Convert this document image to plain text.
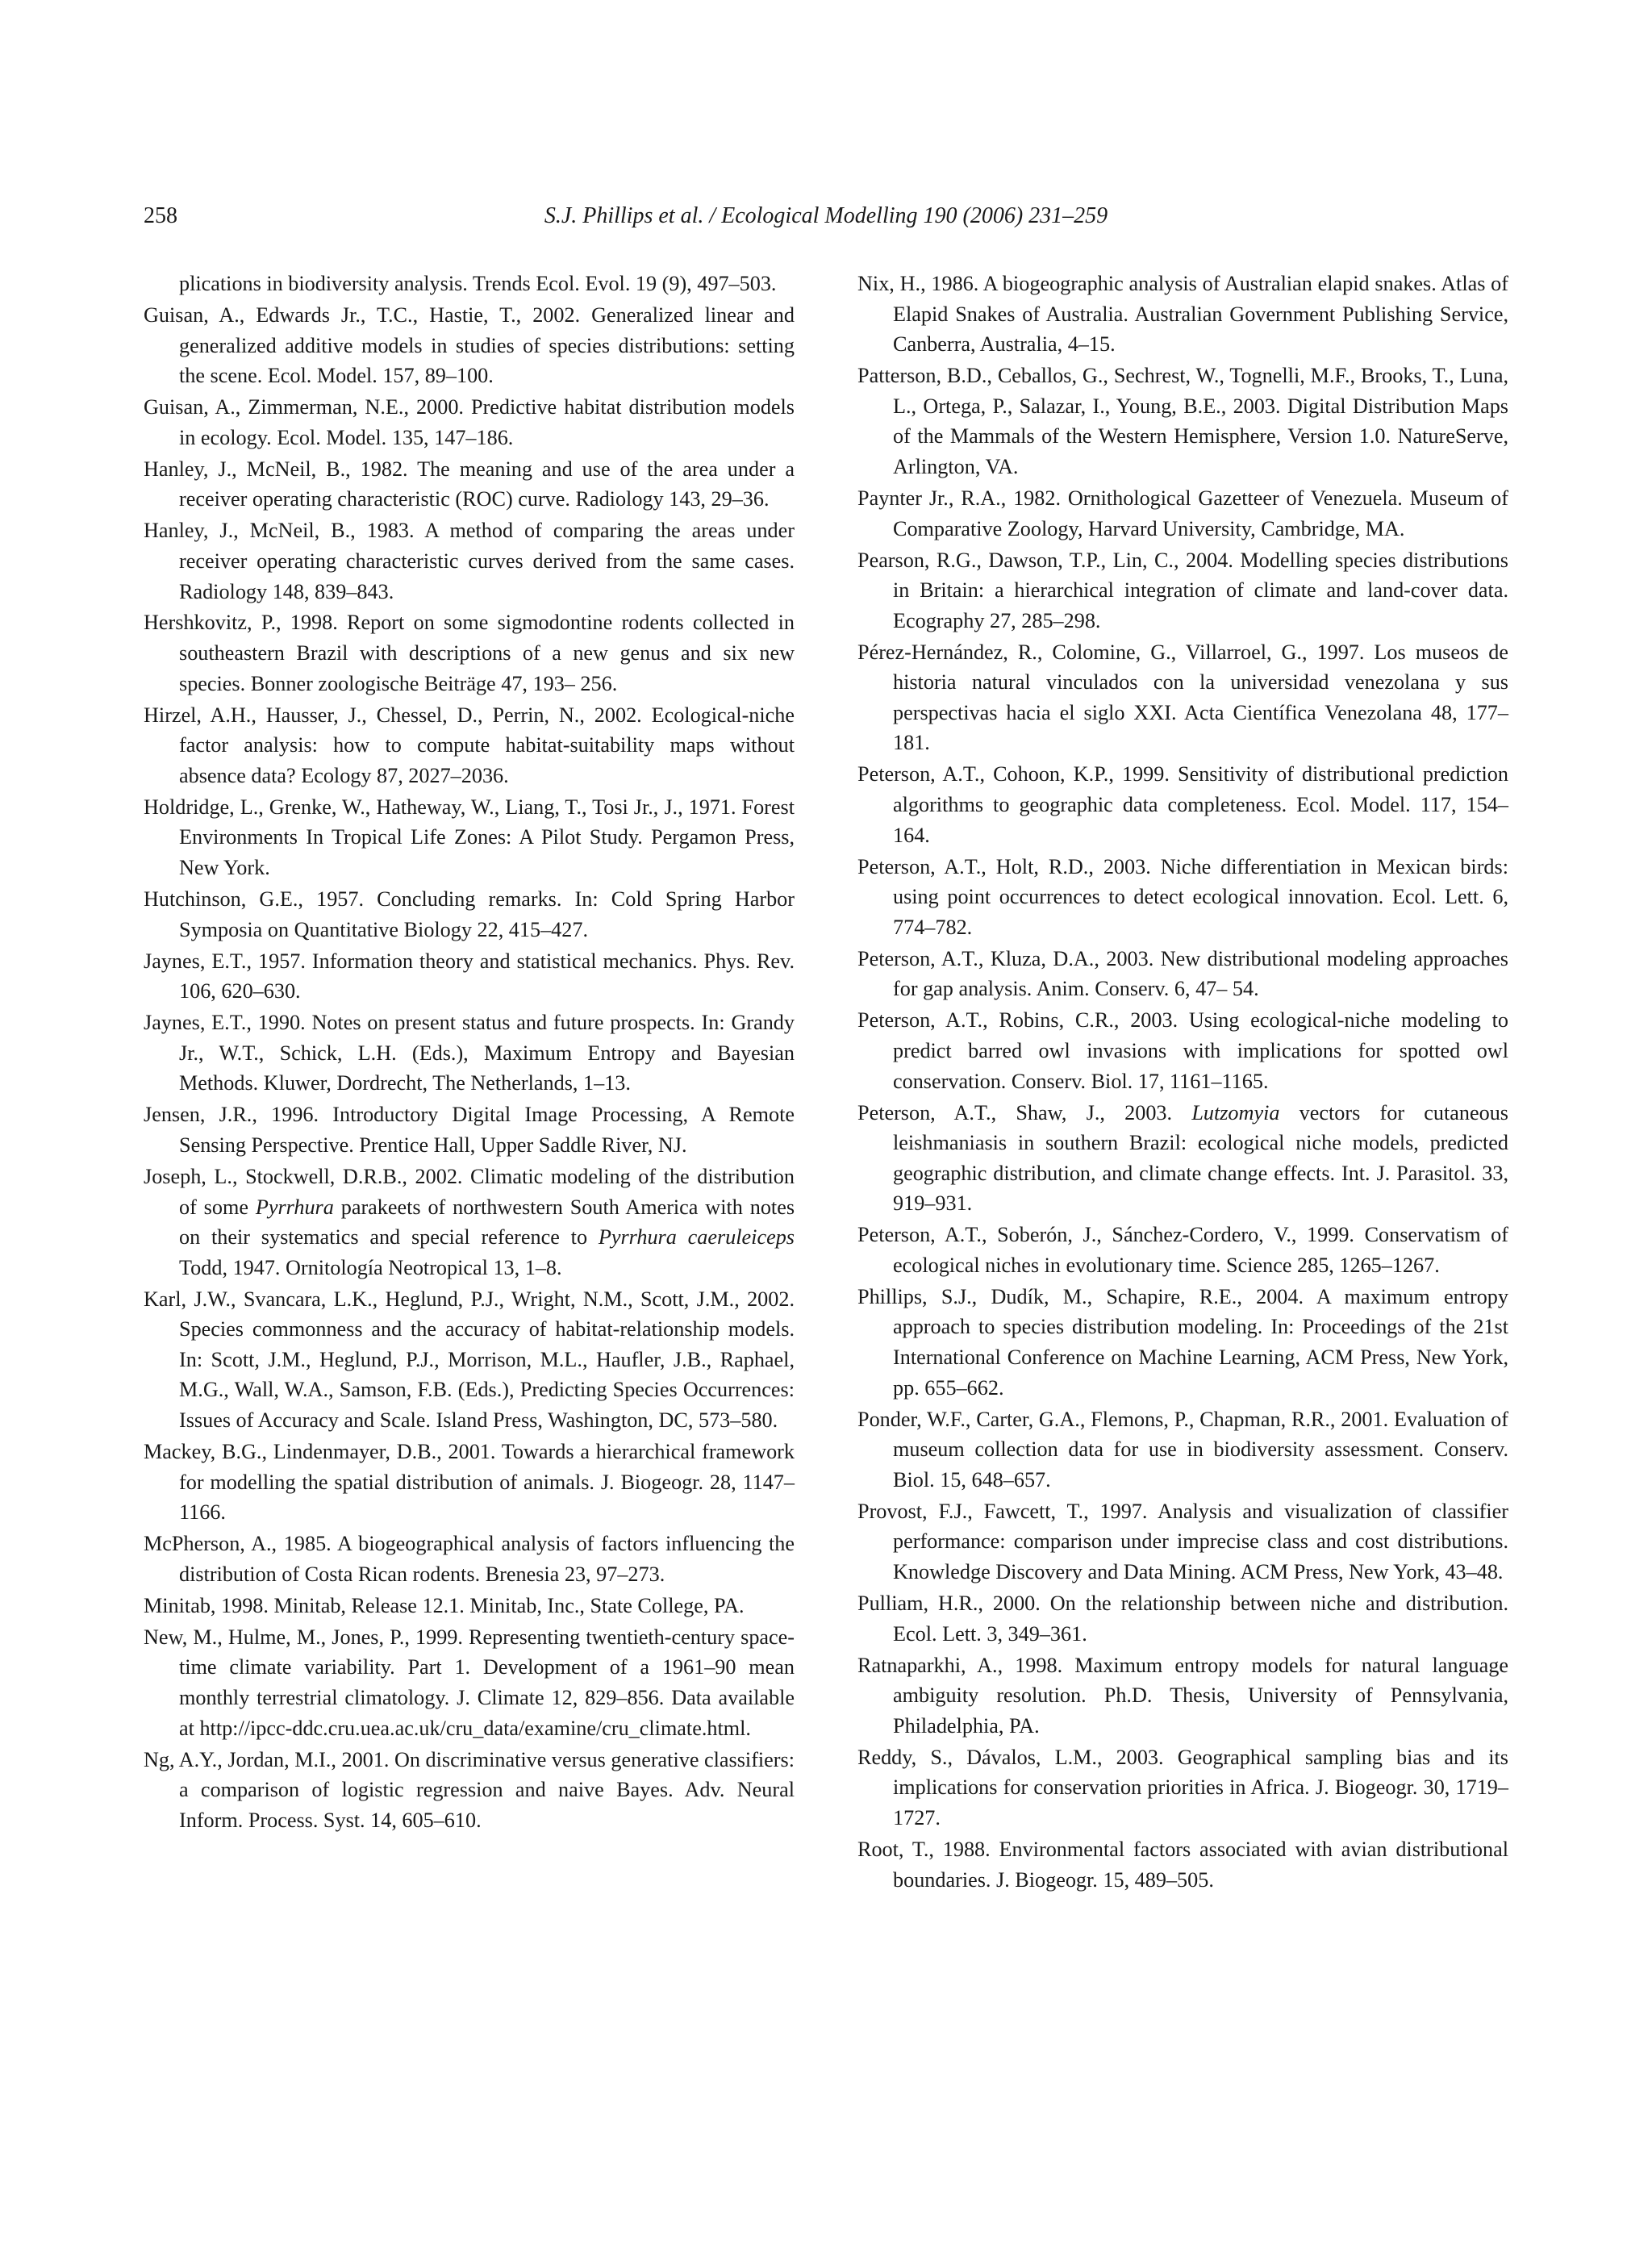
258	S.J. Phillips et al. / Ecological Modelling 190 (2006) 231–259

plications in biodiversity analysis. Trends Ecol. Evol. 19 (9), 497–503.

Guisan, A., Edwards Jr., T.C., Hastie, T., 2002. Generalized linear and generalized additive models in studies of species distributions: setting the scene. Ecol. Model. 157, 89–100.

Guisan, A., Zimmerman, N.E., 2000. Predictive habitat distribution models in ecology. Ecol. Model. 135, 147–186.

Hanley, J., McNeil, B., 1982. The meaning and use of the area under a receiver operating characteristic (ROC) curve. Radiology 143, 29–36.

Hanley, J., McNeil, B., 1983. A method of comparing the areas under receiver operating characteristic curves derived from the same cases. Radiology 148, 839–843.

Hershkovitz, P., 1998. Report on some sigmodontine rodents collected in southeastern Brazil with descriptions of a new genus and six new species. Bonner zoologische Beiträge 47, 193– 256.

Hirzel, A.H., Hausser, J., Chessel, D., Perrin, N., 2002. Ecological-niche factor analysis: how to compute habitat-suitability maps without absence data? Ecology 87, 2027–2036.

Holdridge, L., Grenke, W., Hatheway, W., Liang, T., Tosi Jr., J., 1971. Forest Environments In Tropical Life Zones: A Pilot Study. Pergamon Press, New York.

Hutchinson, G.E., 1957. Concluding remarks. In: Cold Spring Harbor Symposia on Quantitative Biology 22, 415–427.

Jaynes, E.T., 1957. Information theory and statistical mechanics. Phys. Rev. 106, 620–630.

Jaynes, E.T., 1990. Notes on present status and future prospects. In: Grandy Jr., W.T., Schick, L.H. (Eds.), Maximum Entropy and Bayesian Methods. Kluwer, Dordrecht, The Netherlands, 1–13.

Jensen, J.R., 1996. Introductory Digital Image Processing, A Remote Sensing Perspective. Prentice Hall, Upper Saddle River, NJ.

Joseph, L., Stockwell, D.R.B., 2002. Climatic modeling of the distribution of some Pyrrhura parakeets of northwestern South America with notes on their systematics and special reference to Pyrrhura caeruleiceps Todd, 1947. Ornitología Neotropical 13, 1–8.

Karl, J.W., Svancara, L.K., Heglund, P.J., Wright, N.M., Scott, J.M., 2002. Species commonness and the accuracy of habitat-relationship models. In: Scott, J.M., Heglund, P.J., Morrison, M.L., Haufler, J.B., Raphael, M.G., Wall, W.A., Samson, F.B. (Eds.), Predicting Species Occurrences: Issues of Accuracy and Scale. Island Press, Washington, DC, 573–580.

Mackey, B.G., Lindenmayer, D.B., 2001. Towards a hierarchical framework for modelling the spatial distribution of animals. J. Biogeogr. 28, 1147–1166.

McPherson, A., 1985. A biogeographical analysis of factors influencing the distribution of Costa Rican rodents. Brenesia 23, 97–273.

Minitab, 1998. Minitab, Release 12.1. Minitab, Inc., State College, PA.

New, M., Hulme, M., Jones, P., 1999. Representing twentieth-century space-time climate variability. Part 1. Development of a 1961–90 mean monthly terrestrial climatology. J. Climate 12, 829–856. Data available at http://ipcc-ddc.cru.uea.ac.uk/cru_data/examine/cru_climate.html.

Ng, A.Y., Jordan, M.I., 2001. On discriminative versus generative classifiers: a comparison of logistic regression and naive Bayes. Adv. Neural Inform. Process. Syst. 14, 605–610.

Nix, H., 1986. A biogeographic analysis of Australian elapid snakes. Atlas of Elapid Snakes of Australia. Australian Government Publishing Service, Canberra, Australia, 4–15.

Patterson, B.D., Ceballos, G., Sechrest, W., Tognelli, M.F., Brooks, T., Luna, L., Ortega, P., Salazar, I., Young, B.E., 2003. Digital Distribution Maps of the Mammals of the Western Hemisphere, Version 1.0. NatureServe, Arlington, VA.

Paynter Jr., R.A., 1982. Ornithological Gazetteer of Venezuela. Museum of Comparative Zoology, Harvard University, Cambridge, MA.

Pearson, R.G., Dawson, T.P., Lin, C., 2004. Modelling species distributions in Britain: a hierarchical integration of climate and land-cover data. Ecography 27, 285–298.

Pérez-Hernández, R., Colomine, G., Villarroel, G., 1997. Los museos de historia natural vinculados con la universidad venezolana y sus perspectivas hacia el siglo XXI. Acta Científica Venezolana 48, 177–181.

Peterson, A.T., Cohoon, K.P., 1999. Sensitivity of distributional prediction algorithms to geographic data completeness. Ecol. Model. 117, 154–164.

Peterson, A.T., Holt, R.D., 2003. Niche differentiation in Mexican birds: using point occurrences to detect ecological innovation. Ecol. Lett. 6, 774–782.

Peterson, A.T., Kluza, D.A., 2003. New distributional modeling approaches for gap analysis. Anim. Conserv. 6, 47– 54.

Peterson, A.T., Robins, C.R., 2003. Using ecological-niche modeling to predict barred owl invasions with implications for spotted owl conservation. Conserv. Biol. 17, 1161–1165.

Peterson, A.T., Shaw, J., 2003. Lutzomyia vectors for cutaneous leishmaniasis in southern Brazil: ecological niche models, predicted geographic distribution, and climate change effects. Int. J. Parasitol. 33, 919–931.

Peterson, A.T., Soberón, J., Sánchez-Cordero, V., 1999. Conservatism of ecological niches in evolutionary time. Science 285, 1265–1267.

Phillips, S.J., Dudík, M., Schapire, R.E., 2004. A maximum entropy approach to species distribution modeling. In: Proceedings of the 21st International Conference on Machine Learning, ACM Press, New York, pp. 655–662.

Ponder, W.F., Carter, G.A., Flemons, P., Chapman, R.R., 2001. Evaluation of museum collection data for use in biodiversity assessment. Conserv. Biol. 15, 648–657.

Provost, F.J., Fawcett, T., 1997. Analysis and visualization of classifier performance: comparison under imprecise class and cost distributions. Knowledge Discovery and Data Mining. ACM Press, New York, 43–48.

Pulliam, H.R., 2000. On the relationship between niche and distribution. Ecol. Lett. 3, 349–361.

Ratnaparkhi, A., 1998. Maximum entropy models for natural language ambiguity resolution. Ph.D. Thesis, University of Pennsylvania, Philadelphia, PA.

Reddy, S., Dávalos, L.M., 2003. Geographical sampling bias and its implications for conservation priorities in Africa. J. Biogeogr. 30, 1719–1727.

Root, T., 1988. Environmental factors associated with avian distributional boundaries. J. Biogeogr. 15, 489–505.
